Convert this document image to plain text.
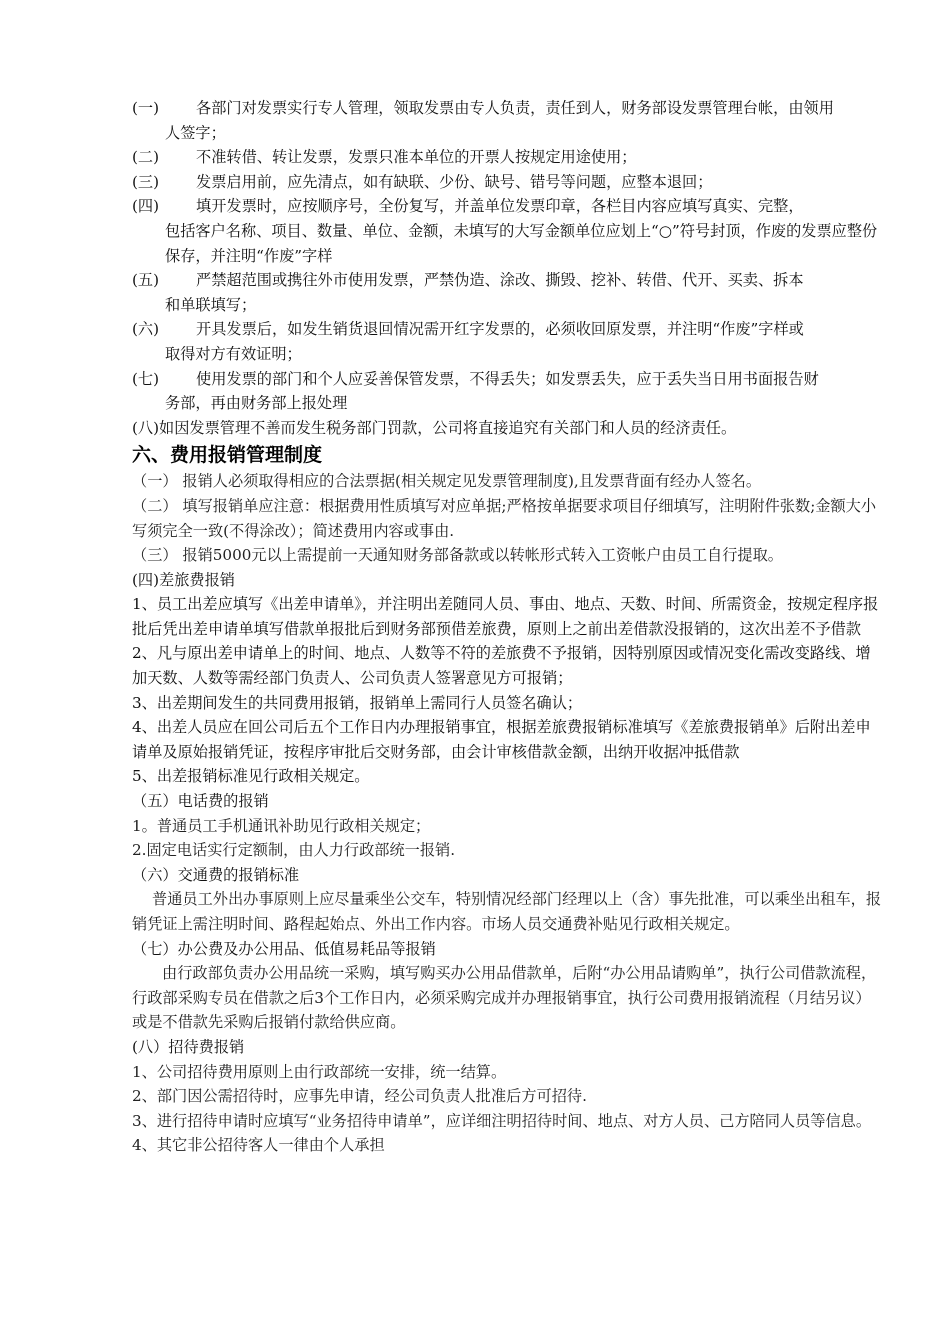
(一)	各部门对发票实行专人管理，领取发票由专人负责，责任到人，财务部设发票管理台帐，由领用

人签字；

(二)	不准转借、转让发票，发票只准本单位的开票人按规定用途使用；

(三)	发票启用前，应先清点，如有缺联、少份、缺号、错号等问题，应整本退回；

(四)	填开发票时，应按顺序号，全份复写，并盖单位发票印章，各栏目内容应填写真实、完整，

包括客户名称、项目、数量、单位、金额，未填写的大写金额单位应划上“○”符号封顶，作废的发票应整份保存，并注明“作废”字样

(五)	严禁超范围或携往外市使用发票，严禁伪造、涂改、撕毁、挖补、转借、代开、买卖、拆本

和单联填写；

(六)	开具发票后，如发生销货退回情况需开红字发票的，必须收回原发票，并注明“作废”字样或

取得对方有效证明；

(七)	使用发票的部门和个人应妥善保管发票，不得丢失；如发票丢失，应于丢失当日用书面报告财

务部，再由财务部上报处理

(八)如因发票管理不善而发生税务部门罚款，公司将直接追究有关部门和人员的经济责任。

六、费用报销管理制度

（一） 报销人必须取得相应的合法票据(相关规定见发票管理制度),且发票背面有经办人签名。

（二） 填写报销单应注意：根据费用性质填写对应单据;严格按单据要求项目仔细填写，注明附件张数;金额大小写须完全一致(不得涂改）；简述费用内容或事由.

（三） 报销5000元以上需提前一天通知财务部备款或以转帐形式转入工资帐户由员工自行提取。

(四)差旅费报销

1、员工出差应填写《出差申请单》，并注明出差随同人员、事由、地点、天数、时间、所需资金，按规定程序报批后凭出差申请单填写借款单报批后到财务部预借差旅费，原则上之前出差借款没报销的，这次出差不予借款

2、凡与原出差申请单上的时间、地点、人数等不符的差旅费不予报销，因特别原因或情况变化需改变路线、增加天数、人数等需经部门负责人、公司负责人签署意见方可报销；

3、出差期间发生的共同费用报销，报销单上需同行人员签名确认；

4、出差人员应在回公司后五个工作日内办理报销事宜，根据差旅费报销标准填写《差旅费报销单》后附出差申请单及原始报销凭证，按程序审批后交财务部，由会计审核借款金额，出纳开收据冲抵借款

5、出差报销标准见行政相关规定。

（五）电话费的报销

1。普通员工手机通讯补助见行政相关规定；

2.固定电话实行定额制，由人力行政部统一报销.

（六）交通费的报销标准

普通员工外出办事原则上应尽量乘坐公交车，特别情况经部门经理以上（含）事先批准，可以乘坐出租车，报销凭证上需注明时间、路程起始点、外出工作内容。市场人员交通费补贴见行政相关规定。

（七）办公费及办公用品、低值易耗品等报销

由行政部负责办公用品统一采购，填写购买办公用品借款单，后附“办公用品请购单”，执行公司借款流程，行政部采购专员在借款之后3个工作日内，必须采购完成并办理报销事宜，执行公司费用报销流程（月结另议）或是不借款先采购后报销付款给供应商。

(八）招待费报销

1、公司招待费用原则上由行政部统一安排，统一结算。

2、部门因公需招待时，应事先申请，经公司负责人批准后方可招待.

3、进行招待申请时应填写“业务招待申请单”，应详细注明招待时间、地点、对方人员、己方陪同人员等信息。

4、其它非公招待客人一律由个人承担
